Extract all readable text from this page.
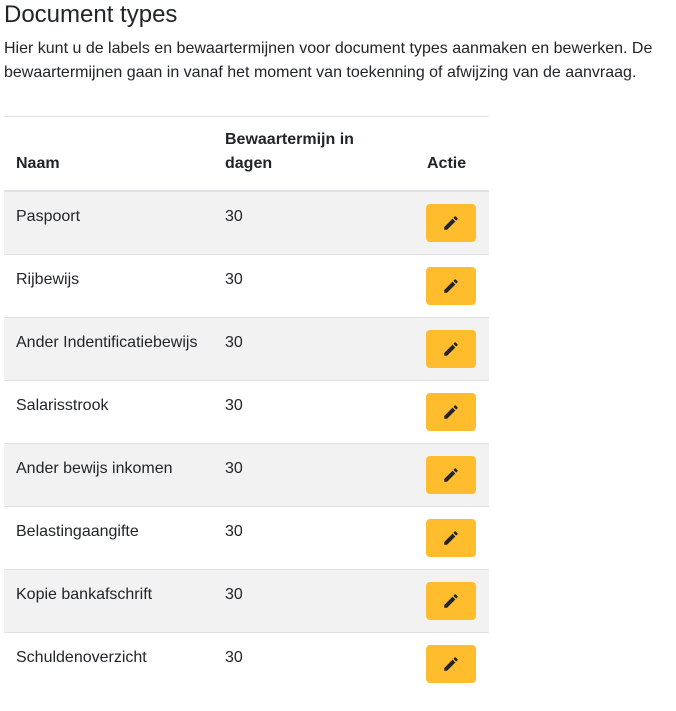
Document types

Hier kunt u de labels en bewaartermijnen voor document types aanmaken en bewerken. De bewaartermijnen gaan in vanaf het moment van toekenning of afwijzing van de aanvraag.

Naam	Bewaartermijn in dagen	Actie
Paspoort	30	

Rijbewijs	30	

Ander Indentificatiebewijs	30	

Salarisstrook	30	

Ander bewijs inkomen	30	

Belastingaangifte	30	

Kopie bankafschrift	30	

Schuldenoverzicht	30	
